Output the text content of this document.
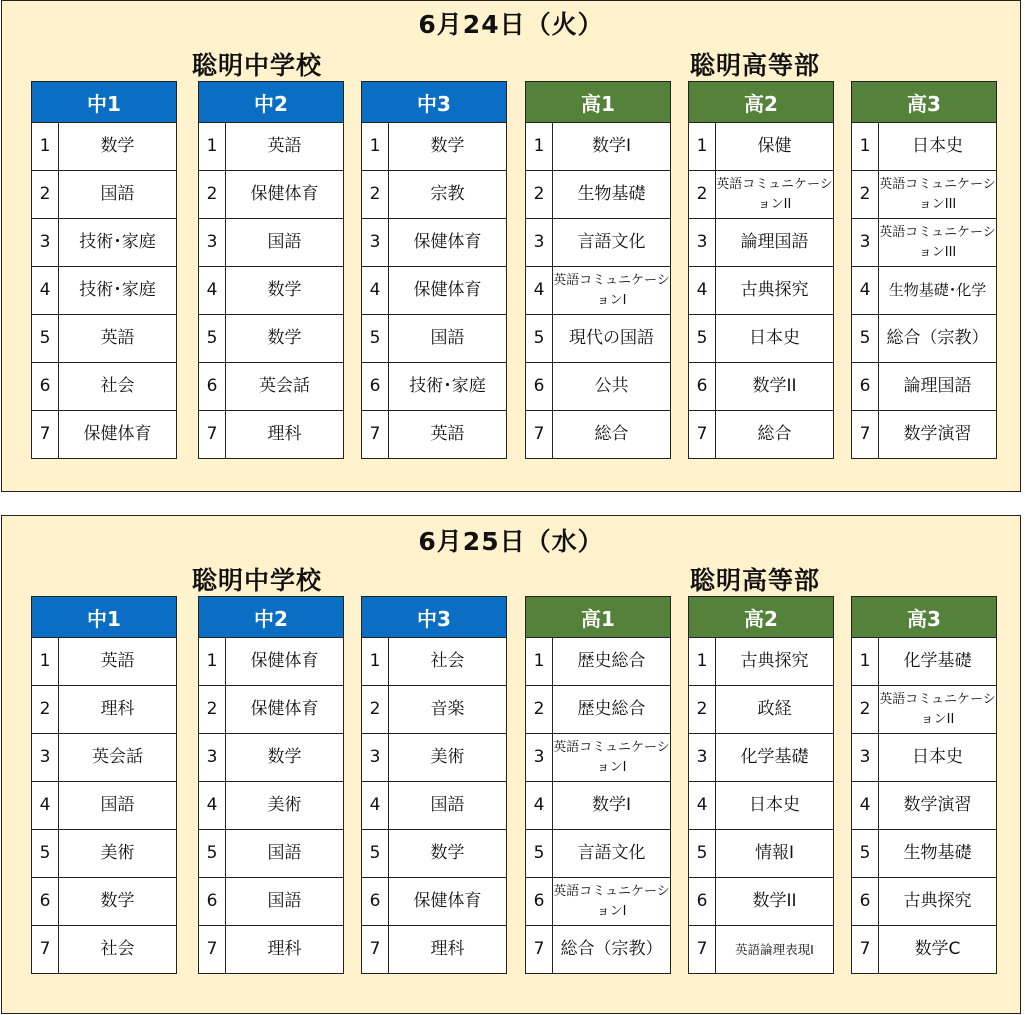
6月24日（火）
聡明中学校	聡明高等部
中1	
1	数学
2	国語
3	技術･家庭
4	技術･家庭
5	英語
6	社会
7	保健体育
中2	
1	英語
2	保健体育
3	国語
4	数学
5	数学
6	英会話
7	理科
中3	
1	数学
2	宗教
3	保健体育
4	保健体育
5	国語
6	技術･家庭
7	英語
高1	
1	数学I
2	生物基礎
3	言語文化
4	英語コミュニケーションI
5	現代の国語
6	公共
7	総合
高2	
1	保健
2	英語コミュニケーションII
3	論理国語
4	古典探究
5	日本史
6	数学II
7	総合
高3	
1	日本史
2	英語コミュニケーションIII
3	英語コミュニケーションIII
4	生物基礎･化学
5	総合（宗教）
6	論理国語
7	数学演習
6月25日（水）
聡明中学校	聡明高等部
中1	
1	英語
2	理科
3	英会話
4	国語
5	美術
6	数学
7	社会
中2	
1	保健体育
2	保健体育
3	数学
4	美術
5	国語
6	国語
7	理科
中3	
1	社会
2	音楽
3	美術
4	国語
5	数学
6	保健体育
7	理科
高1	
1	歴史総合
2	歴史総合
3	英語コミュニケーションI
4	数学I
5	言語文化
6	英語コミュニケーションI
7	総合（宗教）
高2	
1	古典探究
2	政経
3	化学基礎
4	日本史
5	情報I
6	数学II
7	英語論理表現I
高3	
1	化学基礎
2	英語コミュニケーションII
3	日本史
4	数学演習
5	生物基礎
6	古典探究
7	数学C
